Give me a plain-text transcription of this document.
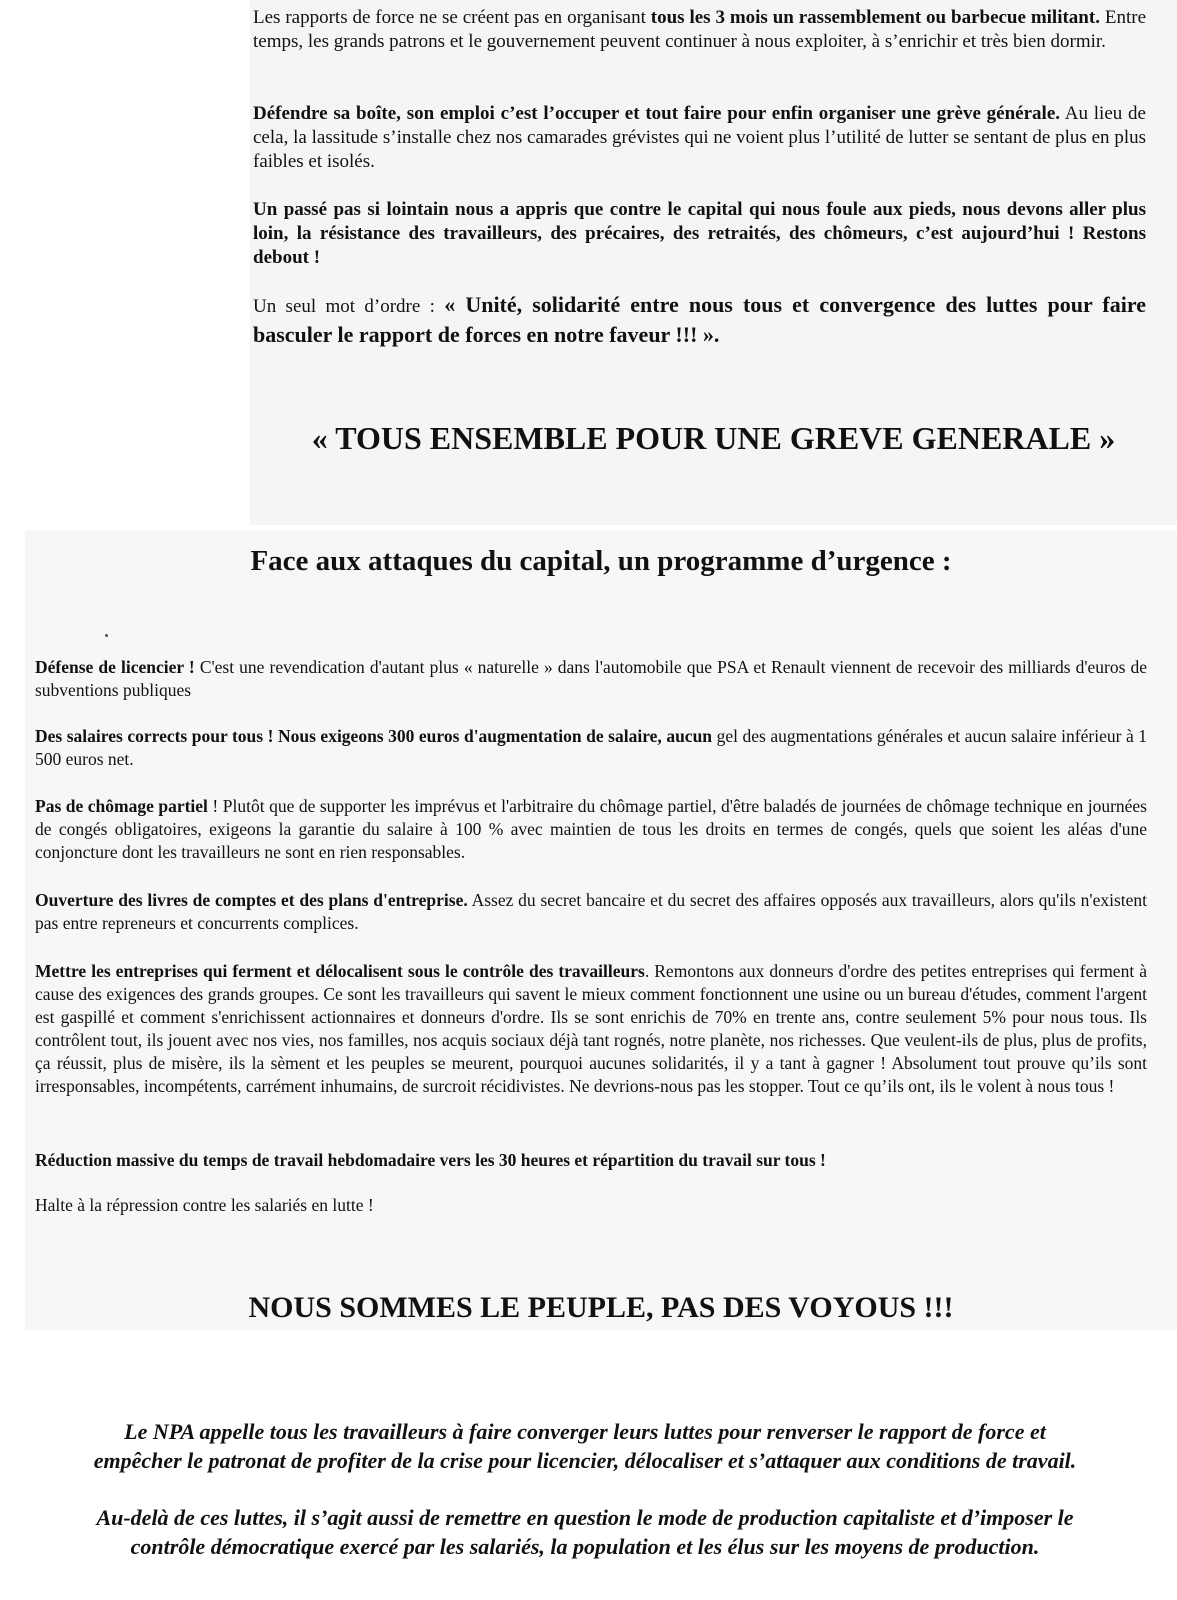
Les rapports de force ne se créent pas en organisant tous les 3 mois un rassemblement ou barbecue militant. Entre temps, les grands patrons et le gouvernement peuvent continuer à nous exploiter, à s’enrichir et très bien dormir.

Défendre sa boîte, son emploi c’est l’occuper et tout faire pour enfin organiser une grève générale. Au lieu de cela, la lassitude s’installe chez nos camarades grévistes qui ne voient plus l’utilité de lutter se sentant de plus en plus faibles et isolés.

Un passé pas si lointain nous a appris que contre le capital qui nous foule aux pieds, nous devons aller plus loin, la résistance des travailleurs, des précaires, des retraités, des chômeurs, c’est aujourd’hui ! Restons debout !

Un seul mot d’ordre : « Unité, solidarité entre nous tous et convergence des luttes pour faire basculer le rapport de forces en notre faveur !!! ».

« TOUS ENSEMBLE POUR UNE GREVE GENERALE »
Face aux attaques du capital, un programme d’urgence :

Défense de licencier ! C'est une revendication d'autant plus « naturelle » dans l'automobile que PSA et Renault viennent de recevoir des milliards d'euros de subventions publiques

Des salaires corrects pour tous ! Nous exigeons 300 euros d'augmentation de salaire, aucun gel des augmentations générales et aucun salaire inférieur à 1 500 euros net.

Pas de chômage partiel ! Plutôt que de supporter les imprévus et l'arbitraire du chômage partiel, d'être baladés de journées de chômage technique en journées de congés obligatoires, exigeons la garantie du salaire à 100 % avec maintien de tous les droits en termes de congés, quels que soient les aléas d'une conjoncture dont les travailleurs ne sont en rien responsables.

Ouverture des livres de comptes et des plans d'entreprise. Assez du secret bancaire et du secret des affaires opposés aux travailleurs, alors qu'ils n'existent pas entre repreneurs et concurrents complices.

Mettre les entreprises qui ferment et délocalisent sous le contrôle des travailleurs. Remontons aux donneurs d'ordre des petites entreprises qui ferment à cause des exigences des grands groupes. Ce sont les travailleurs qui savent le mieux comment fonctionnent une usine ou un bureau d'études, comment l'argent est gaspillé et comment s'enrichissent actionnaires et donneurs d'ordre. Ils se sont enrichis de 70% en trente ans, contre seulement 5% pour nous tous. Ils contrôlent tout, ils jouent avec nos vies, nos familles, nos acquis sociaux déjà tant rognés, notre planète, nos richesses. Que veulent-ils de plus, plus de profits, ça réussit, plus de misère, ils la sèment et les peuples se meurent, pourquoi aucunes solidarités, il y a tant à gagner ! Absolument tout prouve qu’ils sont irresponsables, incompétents, carrément inhumains, de surcroit récidivistes. Ne devrions-nous pas les stopper. Tout ce qu’ils ont, ils le volent à nous tous !

Réduction massive du temps de travail hebdomadaire vers les 30 heures et répartition du travail sur tous !

Halte à la répression contre les salariés en lutte !

NOUS SOMMES LE PEUPLE, PAS DES VOYOUS !!!

Le NPA appelle tous les travailleurs à faire converger leurs luttes pour renverser le rapport de force et

empêcher le patronat de profiter de la crise pour licencier, délocaliser et s’attaquer aux conditions de travail.

Au-delà de ces luttes, il s’agit aussi de remettre en question le mode de production capitaliste et d’imposer le

contrôle démocratique exercé par les salariés, la population et les élus sur les moyens de production.
